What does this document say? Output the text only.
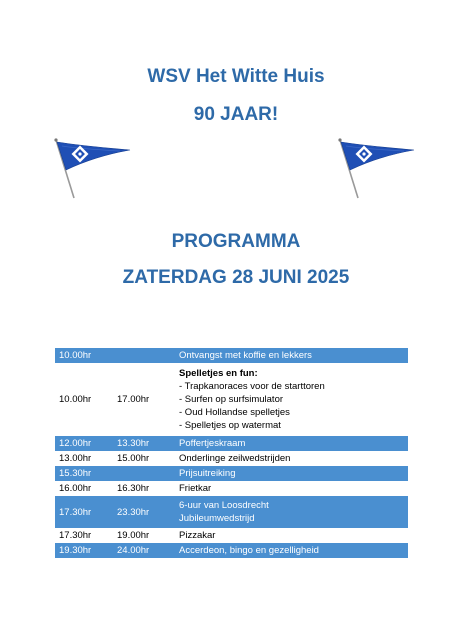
WSV Het Witte Huis
90 JAAR!
PROGRAMMA
ZATERDAG 28 JUNI 2025
10.00hr		Ontvangst met koffie en lekkers
10.00hr	17.00hr	Spelletjes en fun:
- Trapkanoraces voor de starttoren
- Surfen op surfsimulator
- Oud Hollandse spelletjes
- Spelletjes op watermat

12.00hr	13.30hr	Poffertjeskraam
13.00hr	15.00hr	Onderlinge zeilwedstrijden
15.30hr		Prijsuitreiking
16.00hr	16.30hr	Frietkar
17.30hr	23.30hr	6-uur van Loosdrecht
Jubileumwedstrijd

17.30hr	19.00hr	Pizzakar
19.30hr	24.00hr	Accerdeon, bingo en gezelligheid
